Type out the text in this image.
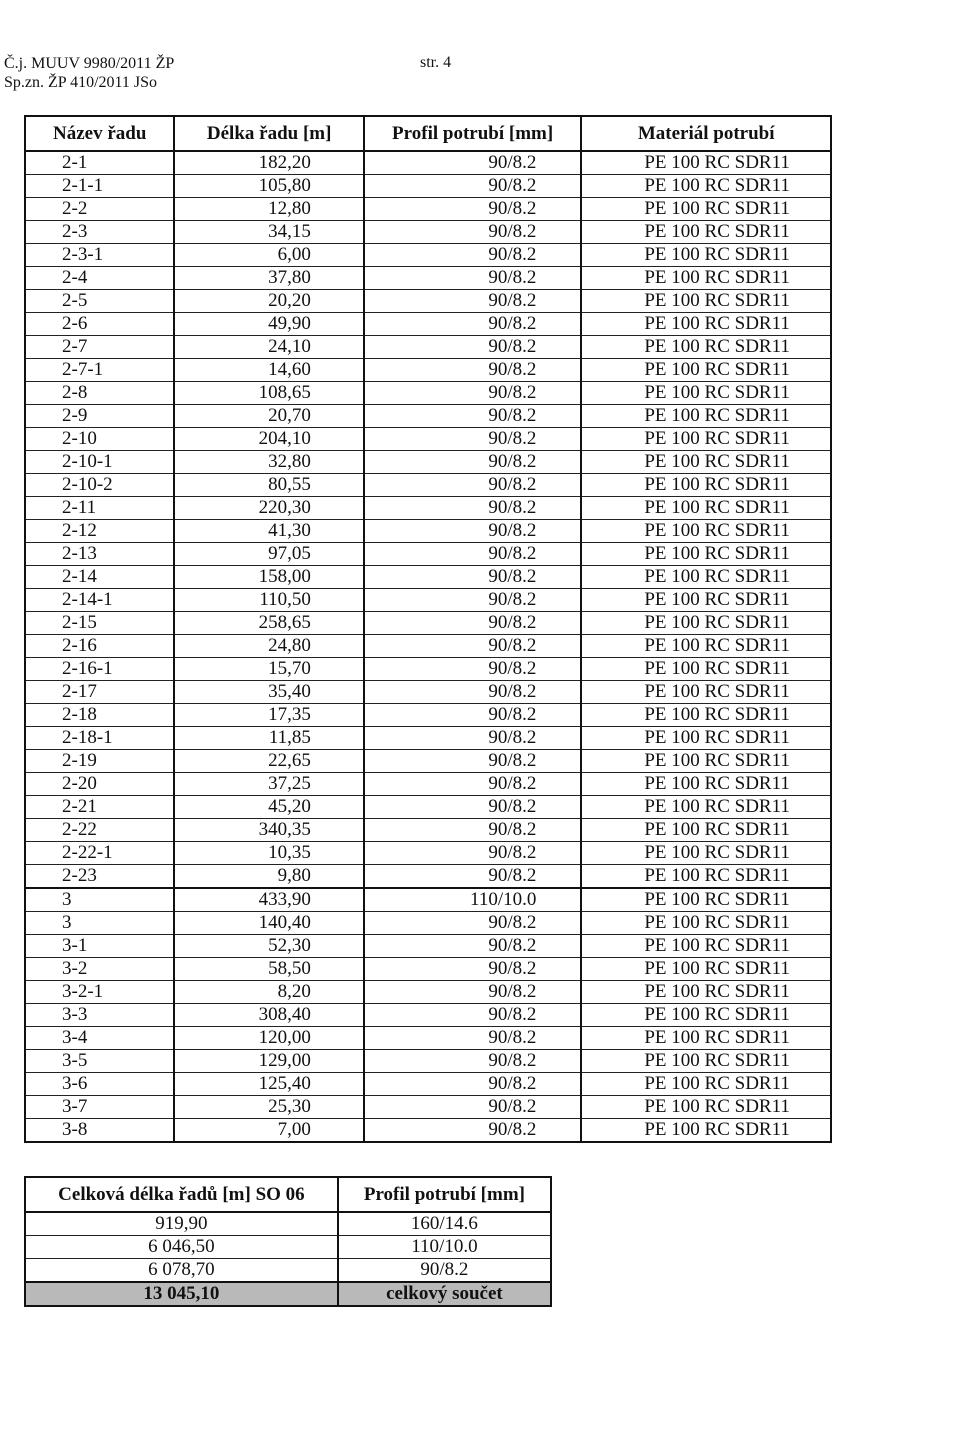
Č.j. MUUV 9980/2011 ŽP
Sp.zn. ŽP 410/2011 JSo
str. 4
Název řadu	Délka řadu [m]	Profil potrubí [mm]	Materiál potrubí
2-1	182,20	90/8.2	PE 100 RC SDR11
2-1-1	105,80	90/8.2	PE 100 RC SDR11
2-2	12,80	90/8.2	PE 100 RC SDR11
2-3	34,15	90/8.2	PE 100 RC SDR11
2-3-1	6,00	90/8.2	PE 100 RC SDR11
2-4	37,80	90/8.2	PE 100 RC SDR11
2-5	20,20	90/8.2	PE 100 RC SDR11
2-6	49,90	90/8.2	PE 100 RC SDR11
2-7	24,10	90/8.2	PE 100 RC SDR11
2-7-1	14,60	90/8.2	PE 100 RC SDR11
2-8	108,65	90/8.2	PE 100 RC SDR11
2-9	20,70	90/8.2	PE 100 RC SDR11
2-10	204,10	90/8.2	PE 100 RC SDR11
2-10-1	32,80	90/8.2	PE 100 RC SDR11
2-10-2	80,55	90/8.2	PE 100 RC SDR11
2-11	220,30	90/8.2	PE 100 RC SDR11
2-12	41,30	90/8.2	PE 100 RC SDR11
2-13	97,05	90/8.2	PE 100 RC SDR11
2-14	158,00	90/8.2	PE 100 RC SDR11
2-14-1	110,50	90/8.2	PE 100 RC SDR11
2-15	258,65	90/8.2	PE 100 RC SDR11
2-16	24,80	90/8.2	PE 100 RC SDR11
2-16-1	15,70	90/8.2	PE 100 RC SDR11
2-17	35,40	90/8.2	PE 100 RC SDR11
2-18	17,35	90/8.2	PE 100 RC SDR11
2-18-1	11,85	90/8.2	PE 100 RC SDR11
2-19	22,65	90/8.2	PE 100 RC SDR11
2-20	37,25	90/8.2	PE 100 RC SDR11
2-21	45,20	90/8.2	PE 100 RC SDR11
2-22	340,35	90/8.2	PE 100 RC SDR11
2-22-1	10,35	90/8.2	PE 100 RC SDR11
2-23	9,80	90/8.2	PE 100 RC SDR11
3	433,90	110/10.0	PE 100 RC SDR11
3	140,40	90/8.2	PE 100 RC SDR11
3-1	52,30	90/8.2	PE 100 RC SDR11
3-2	58,50	90/8.2	PE 100 RC SDR11
3-2-1	8,20	90/8.2	PE 100 RC SDR11
3-3	308,40	90/8.2	PE 100 RC SDR11
3-4	120,00	90/8.2	PE 100 RC SDR11
3-5	129,00	90/8.2	PE 100 RC SDR11
3-6	125,40	90/8.2	PE 100 RC SDR11
3-7	25,30	90/8.2	PE 100 RC SDR11
3-8	7,00	90/8.2	PE 100 RC SDR11
Celková délka řadů [m] SO 06	Profil potrubí [mm]
919,90	160/14.6
6 046,50	110/10.0
6 078,70	90/8.2
13 045,10	celkový součet
